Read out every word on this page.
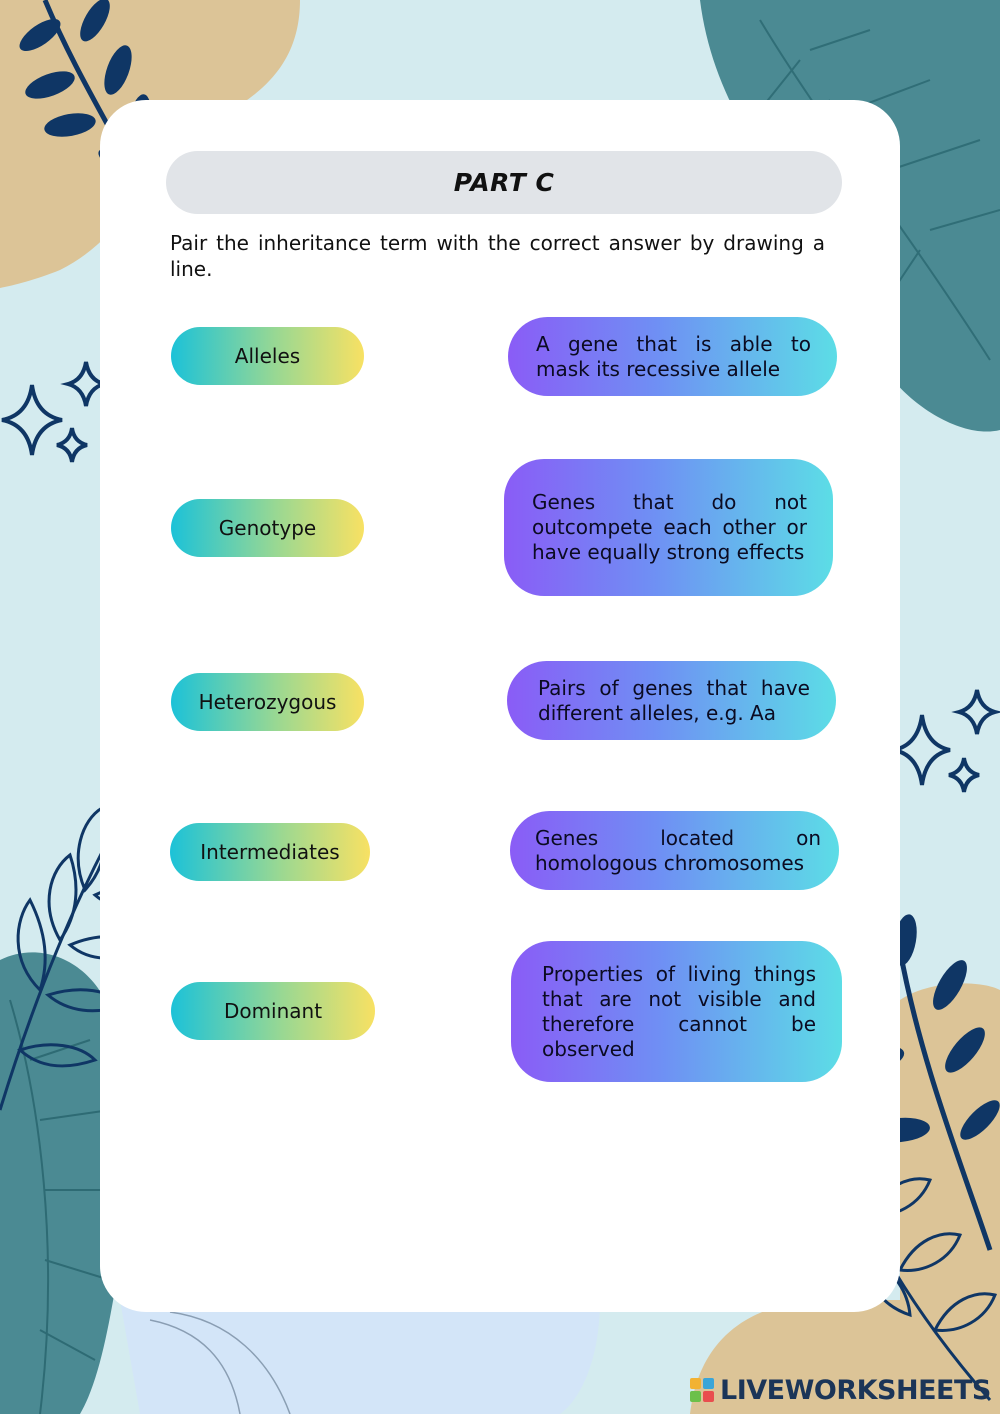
PART C

Pair the inheritance term with the correct answer by drawing a line.

Alleles
Genotype
Heterozygous
Intermediates
Dominant
A gene that is able to mask its recessive allele
Genes that do not outcompete each other or have equally strong effects
Pairs of genes that have different alleles, e.g. Aa
Genes located on homologous chromosomes
Properties of living things that are not visible and therefore cannot be observed
LIVEWORKSHEETS
